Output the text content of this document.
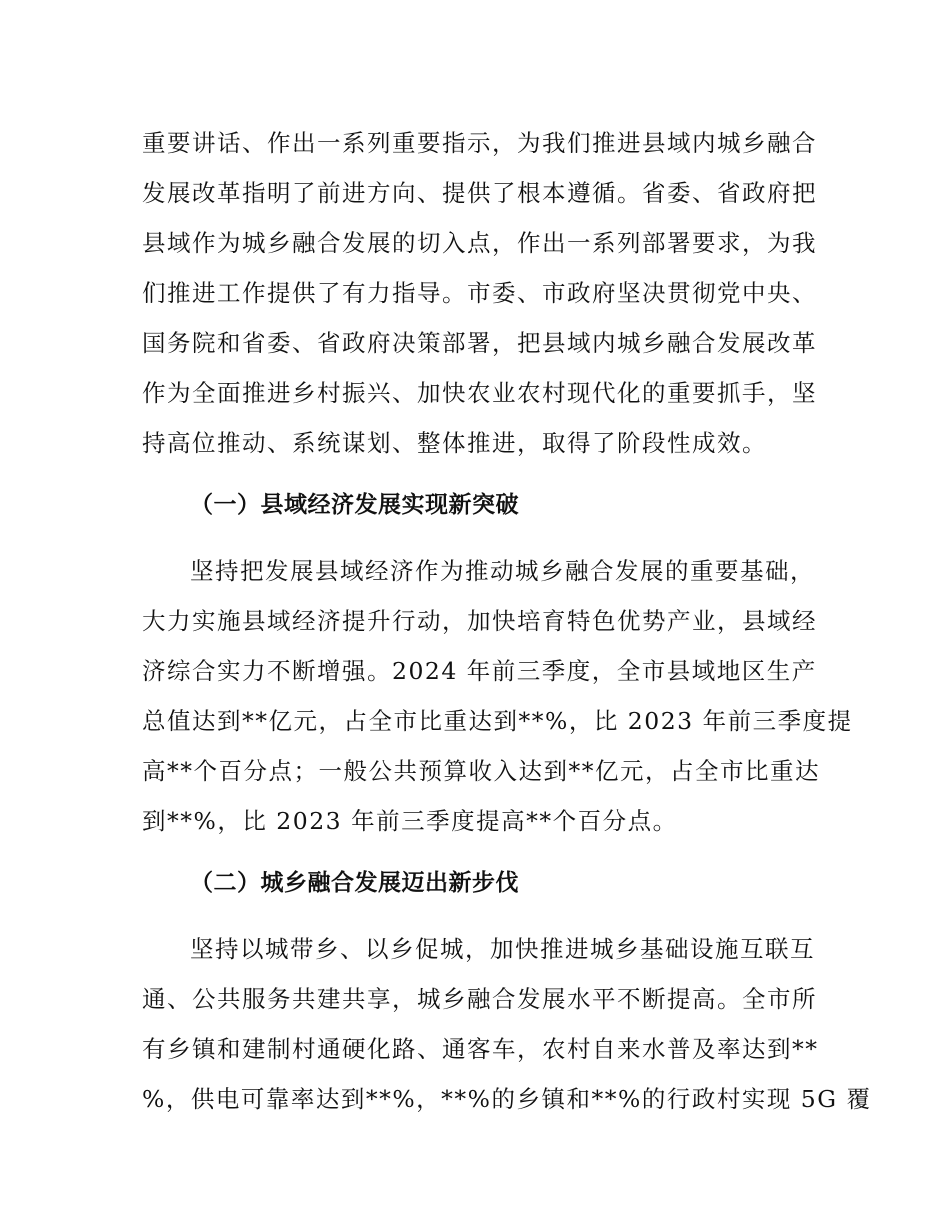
重要讲话、作出一系列重要指示，为我们推进县域内城乡融合
发展改革指明了前进方向、提供了根本遵循。省委、省政府把
县域作为城乡融合发展的切入点，作出一系列部署要求，为我
们推进工作提供了有力指导。市委、市政府坚决贯彻党中央、
国务院和省委、省政府决策部署，把县域内城乡融合发展改革
作为全面推进乡村振兴、加快农业农村现代化的重要抓手，坚
持高位推动、系统谋划、整体推进，取得了阶段性成效。
（一）县域经济发展实现新突破
坚持把发展县域经济作为推动城乡融合发展的重要基础，
大力实施县域经济提升行动，加快培育特色优势产业，县域经
济综合实力不断增强。2024 年前三季度，全市县域地区生产
总值达到**亿元，占全市比重达到**%，比 2023 年前三季度提
高**个百分点；一般公共预算收入达到**亿元，占全市比重达
到**%，比 2023 年前三季度提高**个百分点。
（二）城乡融合发展迈出新步伐
坚持以城带乡、以乡促城，加快推进城乡基础设施互联互
通、公共服务共建共享，城乡融合发展水平不断提高。全市所
有乡镇和建制村通硬化路、通客车，农村自来水普及率达到**
%，供电可靠率达到**%，**%的乡镇和**%的行政村实现 5G 覆
